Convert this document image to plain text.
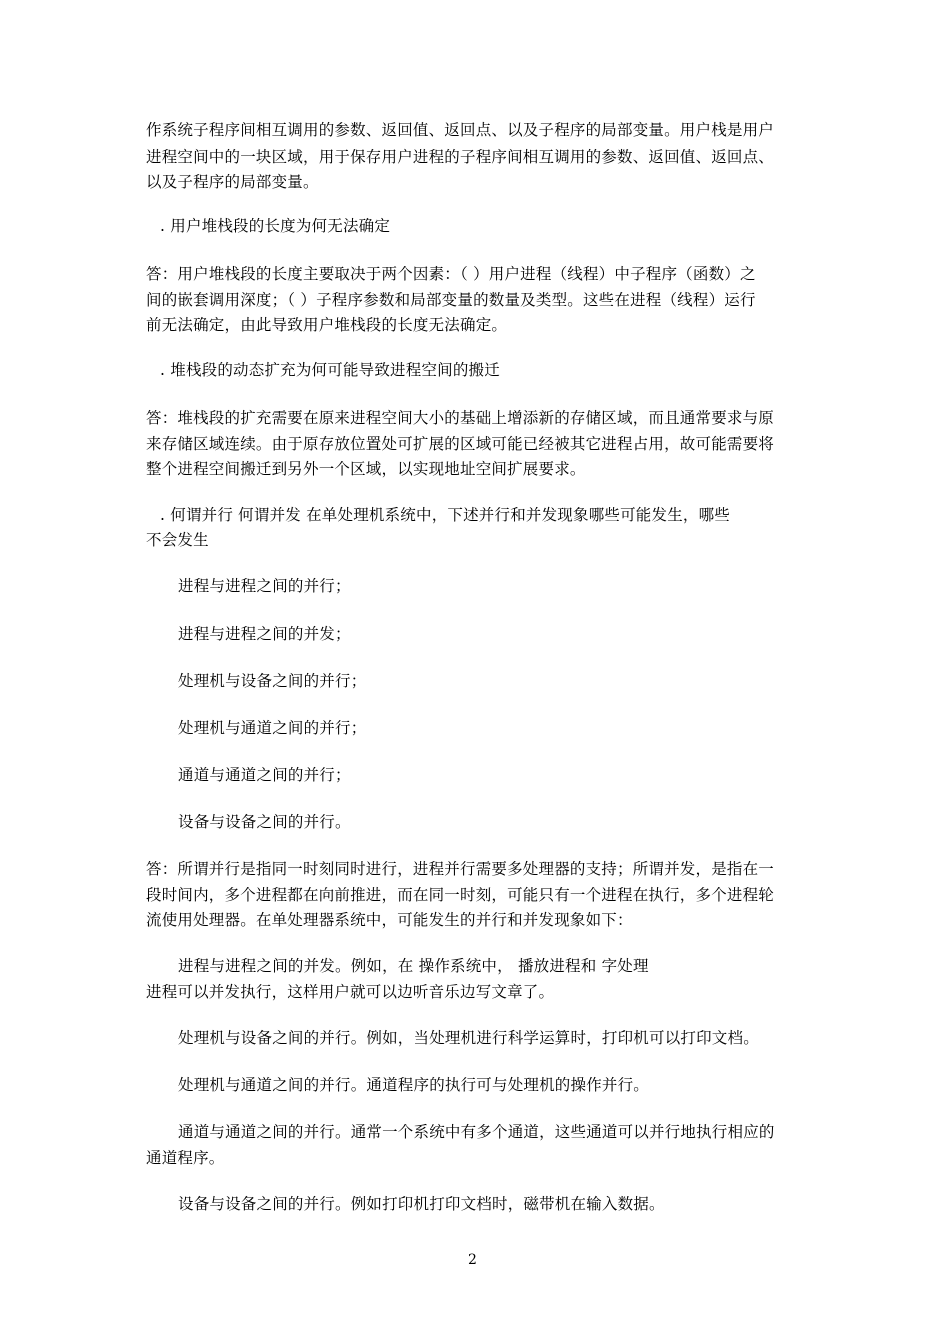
作系统子程序间相互调用的参数、返回值、返回点、以及子程序的局部变量。用户栈是用户
进程空间中的一块区域，用于保存用户进程的子程序间相互调用的参数、返回值、返回点、
以及子程序的局部变量。
. 用户堆栈段的长度为何无法确定
答：用户堆栈段的长度主要取决于两个因素：（ ）用户进程（线程）中子程序（函数）之
间的嵌套调用深度；（ ）子程序参数和局部变量的数量及类型。这些在进程（线程）运行
前无法确定，由此导致用户堆栈段的长度无法确定。
. 堆栈段的动态扩充为何可能导致进程空间的搬迁
答：堆栈段的扩充需要在原来进程空间大小的基础上增添新的存储区域，而且通常要求与原
来存储区域连续。由于原存放位置处可扩展的区域可能已经被其它进程占用，故可能需要将
整个进程空间搬迁到另外一个区域，以实现地址空间扩展要求。
. 何谓并行 何谓并发 在单处理机系统中，下述并行和并发现象哪些可能发生，哪些
不会发生
进程与进程之间的并行；
进程与进程之间的并发；
处理机与设备之间的并行；
处理机与通道之间的并行；
通道与通道之间的并行；
设备与设备之间的并行。
答：所谓并行是指同一时刻同时进行，进程并行需要多处理器的支持；所谓并发，是指在一
段时间内，多个进程都在向前推进，而在同一时刻，可能只有一个进程在执行，多个进程轮
流使用处理器。在单处理器系统中，可能发生的并行和并发现象如下：
进程与进程之间的并发。例如，在 操作系统中， 播放进程和 字处理
进程可以并发执行，这样用户就可以边听音乐边写文章了。
处理机与设备之间的并行。例如，当处理机进行科学运算时，打印机可以打印文档。
处理机与通道之间的并行。通道程序的执行可与处理机的操作并行。
通道与通道之间的并行。通常一个系统中有多个通道，这些通道可以并行地执行相应的
通道程序。
设备与设备之间的并行。例如打印机打印文档时，磁带机在输入数据。
2
